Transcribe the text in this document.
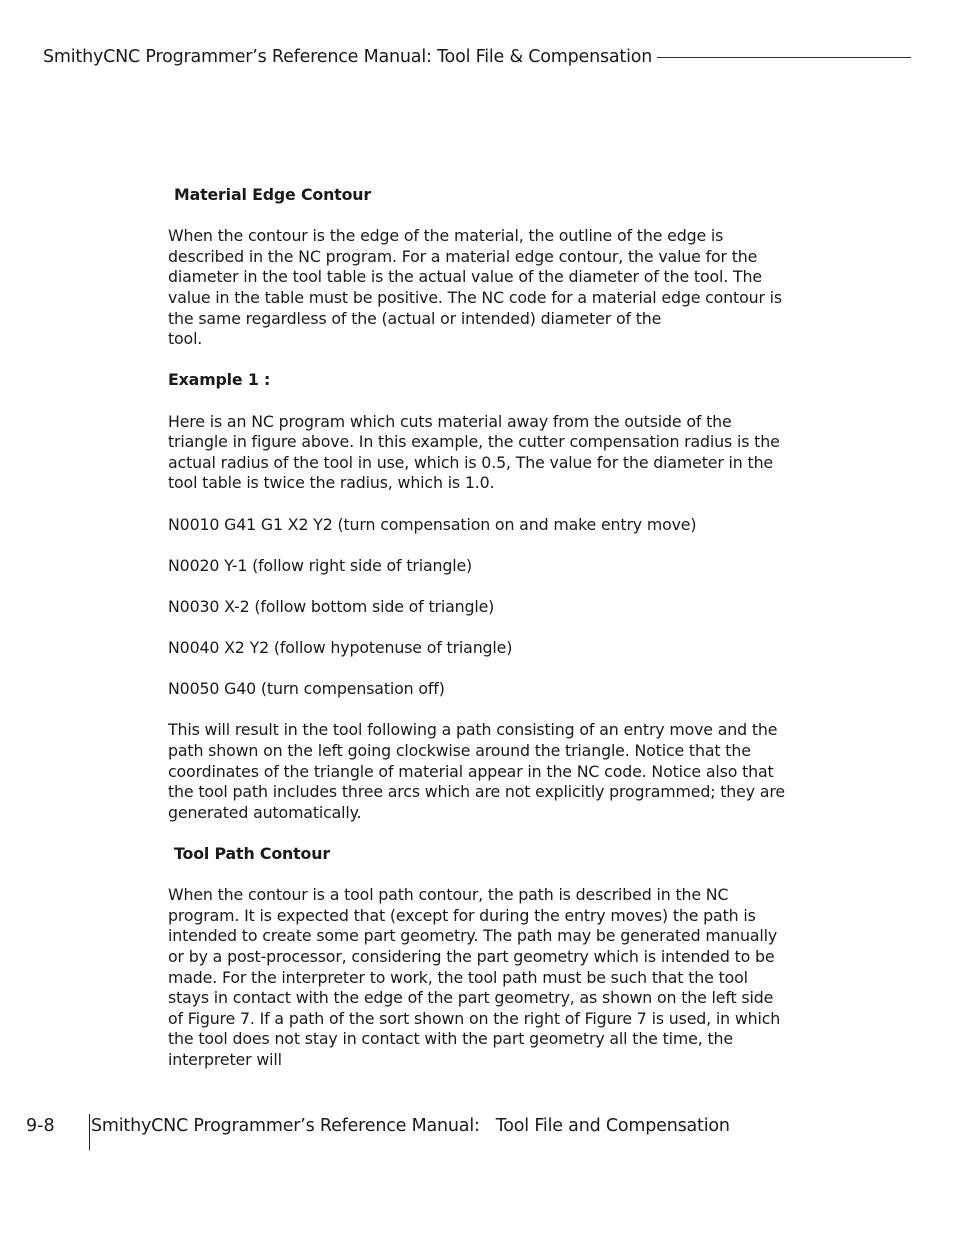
SmithyCNC Programmer’s Reference Manual: Tool File & Compensation
Material Edge Contour

When the contour is the edge of the material, the outline of the edge is described in the NC program. For a material edge contour, the value for the diameter in the tool table is the actual value of the diameter of the tool. The value in the table must be positive. The NC code for a material edge contour is the same regardless of the (actual or intended) diameter of the
tool.

Example 1 :

Here is an NC program which cuts material away from the outside of the triangle in figure above. In this example, the cutter compensation radius is the actual radius of the tool in use, which is 0.5, The value for the diameter in the tool table is twice the radius, which is 1.0.

N0010 G41 G1 X2 Y2 (turn compensation on and make entry move)

N0020 Y-1 (follow right side of triangle)

N0030 X-2 (follow bottom side of triangle)

N0040 X2 Y2 (follow hypotenuse of triangle)

N0050 G40 (turn compensation off)

This will result in the tool following a path consisting of an entry move and the path shown on the left going clockwise around the triangle. Notice that the coordinates of the triangle of material appear in the NC code. Notice also that the tool path includes three arcs which are not explicitly programmed; they are generated automatically.

Tool Path Contour

When the contour is a tool path contour, the path is described in the NC program. It is expected that (except for during the entry moves) the path is intended to create some part geometry. The path may be generated manually or by a post-processor, considering the part geometry which is intended to be made. For the interpreter to work, the tool path must be such that the tool stays in contact with the edge of the part geometry, as shown on the left side of Figure 7. If a path of the sort shown on the right of Figure 7 is used, in which the tool does not stay in contact with the part geometry all the time, the interpreter will

9-8 SmithyCNC Programmer’s Reference Manual:   Tool File and Compensation
